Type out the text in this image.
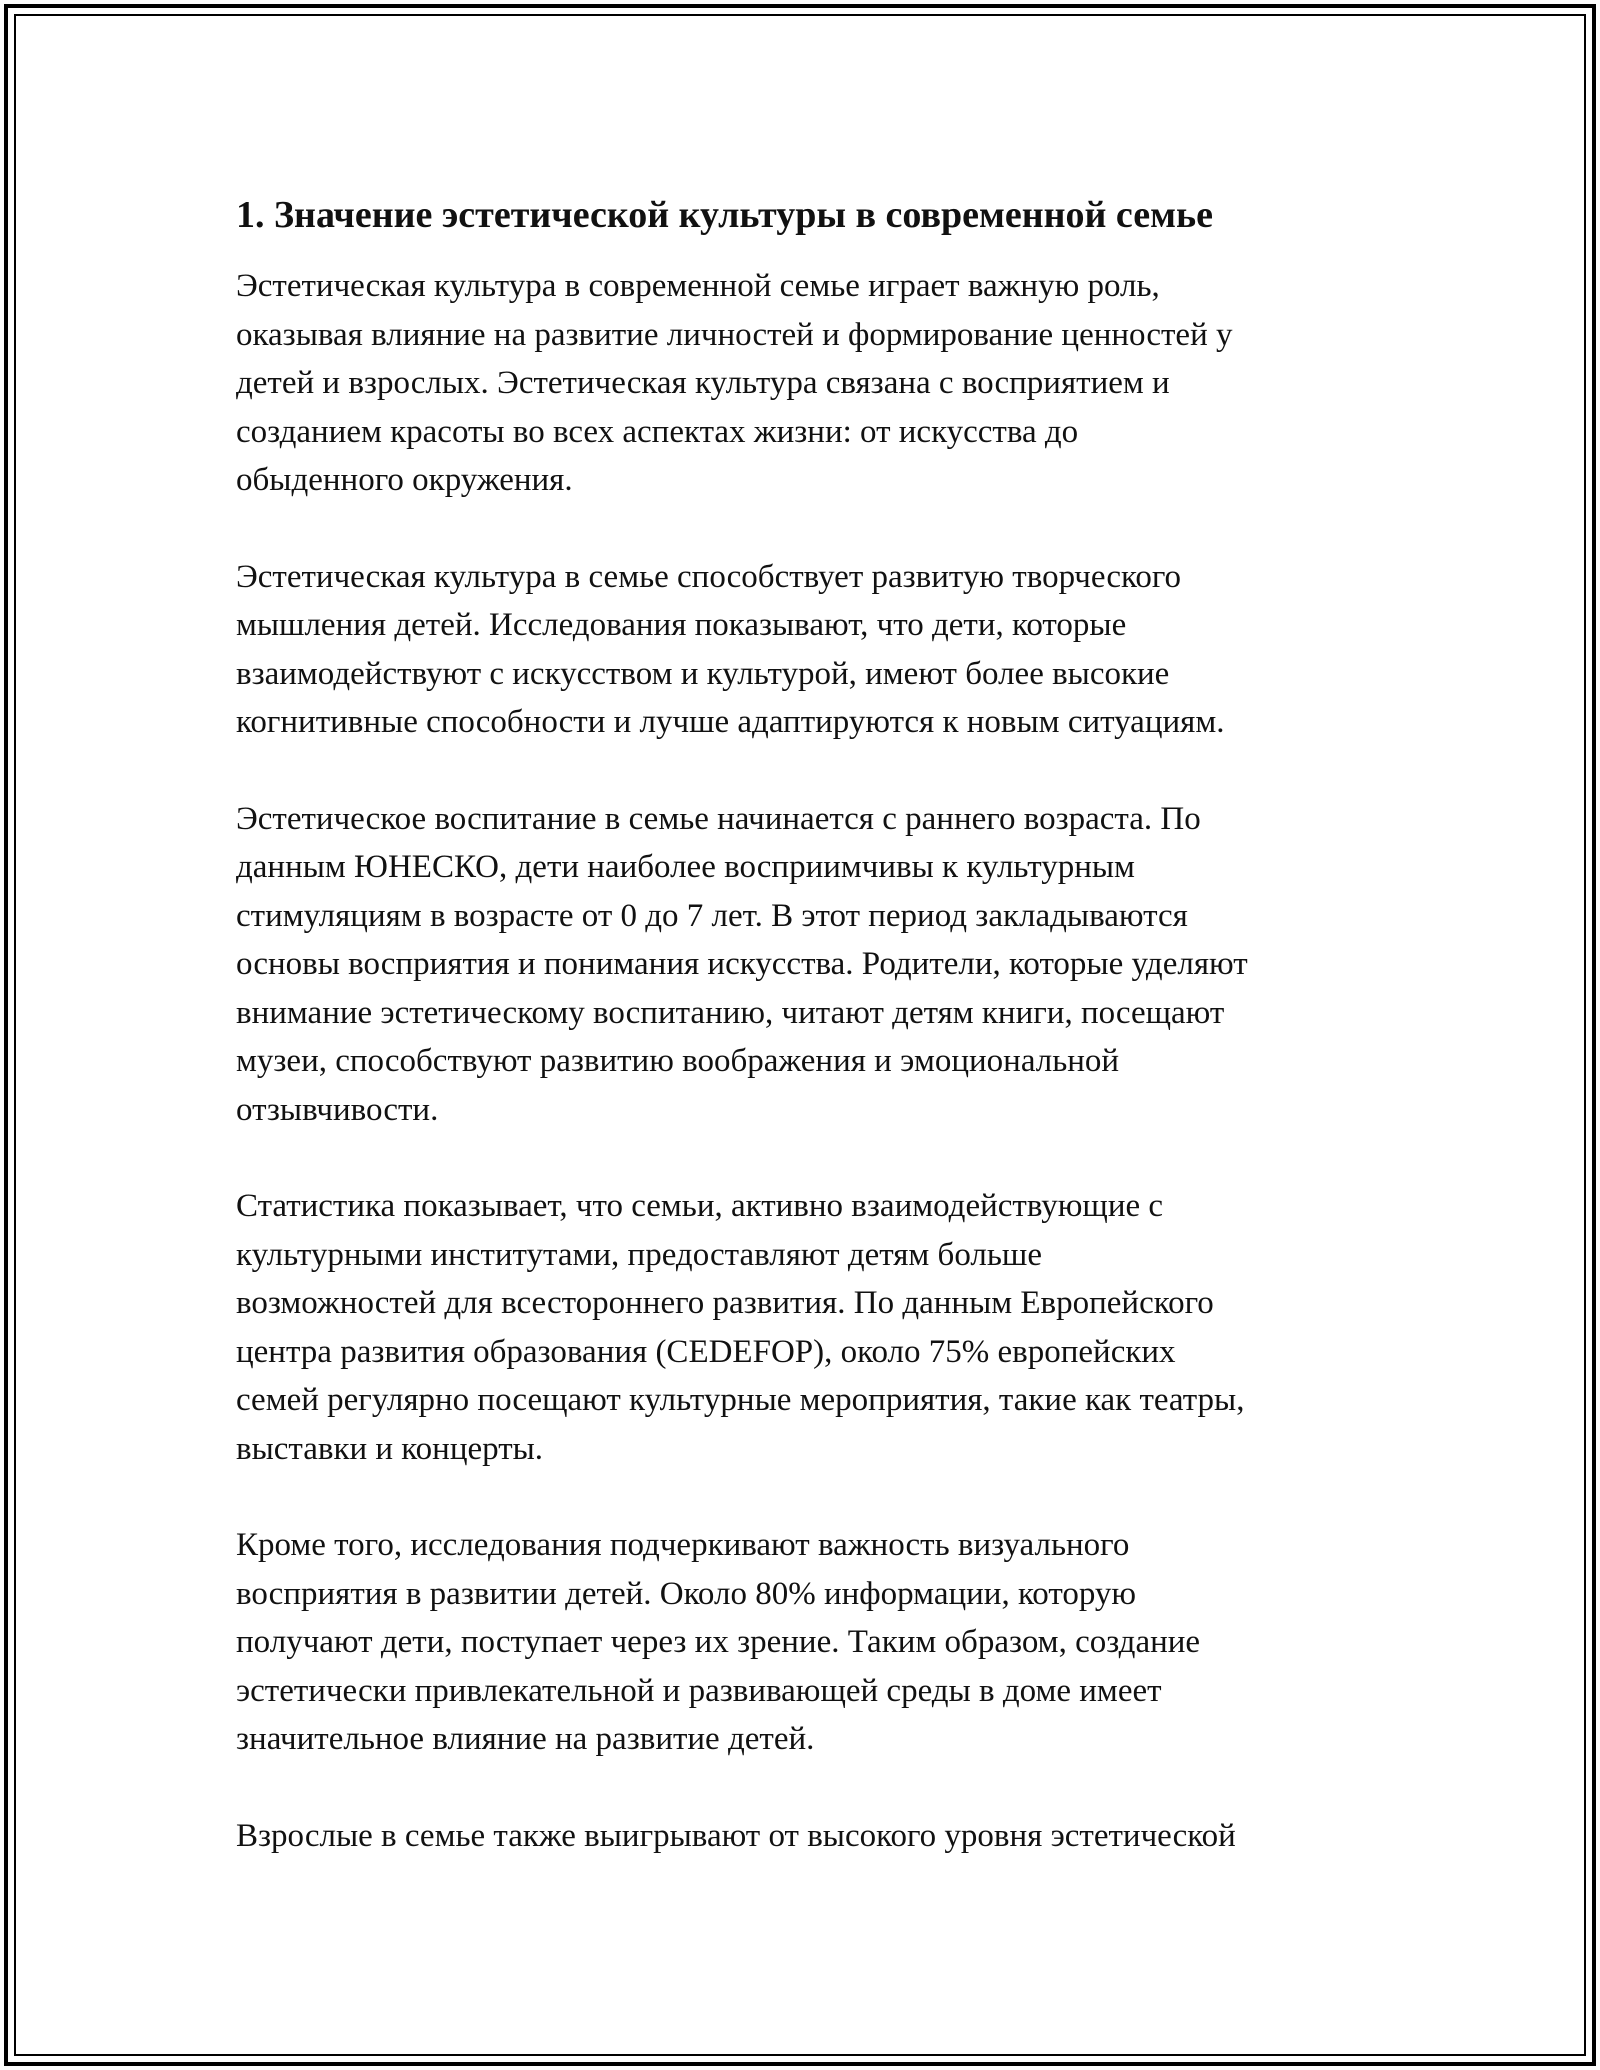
1. Значение эстетической культуры в современной семье

Эстетическая культура в современной семье играет важную роль,
оказывая влияние на развитие личностей и формирование ценностей у
детей и взрослых. Эстетическая культура связана с восприятием и
созданием красоты во всех аспектах жизни: от искусства до
обыденного окружения.

Эстетическая культура в семье способствует развитую творческого
мышления детей. Исследования показывают, что дети, которые
взаимодействуют с искусством и культурой, имеют более высокие
когнитивные способности и лучше адаптируются к новым ситуациям.

Эстетическое воспитание в семье начинается с раннего возраста. По
данным ЮНЕСКО, дети наиболее восприимчивы к культурным
стимуляциям в возрасте от 0 до 7 лет. В этот период закладываются
основы восприятия и понимания искусства. Родители, которые уделяют
внимание эстетическому воспитанию, читают детям книги, посещают
музеи, способствуют развитию воображения и эмоциональной
отзывчивости.

Статистика показывает, что семьи, активно взаимодействующие с
культурными институтами, предоставляют детям больше
возможностей для всестороннего развития. По данным Европейского
центра развития образования (CEDEFOP), около 75% европейских
семей регулярно посещают культурные мероприятия, такие как театры,
выставки и концерты.

Кроме того, исследования подчеркивают важность визуального
восприятия в развитии детей. Около 80% информации, которую
получают дети, поступает через их зрение. Таким образом, создание
эстетически привлекательной и развивающей среды в доме имеет
значительное влияние на развитие детей.

Взрослые в семье также выигрывают от высокого уровня эстетической
